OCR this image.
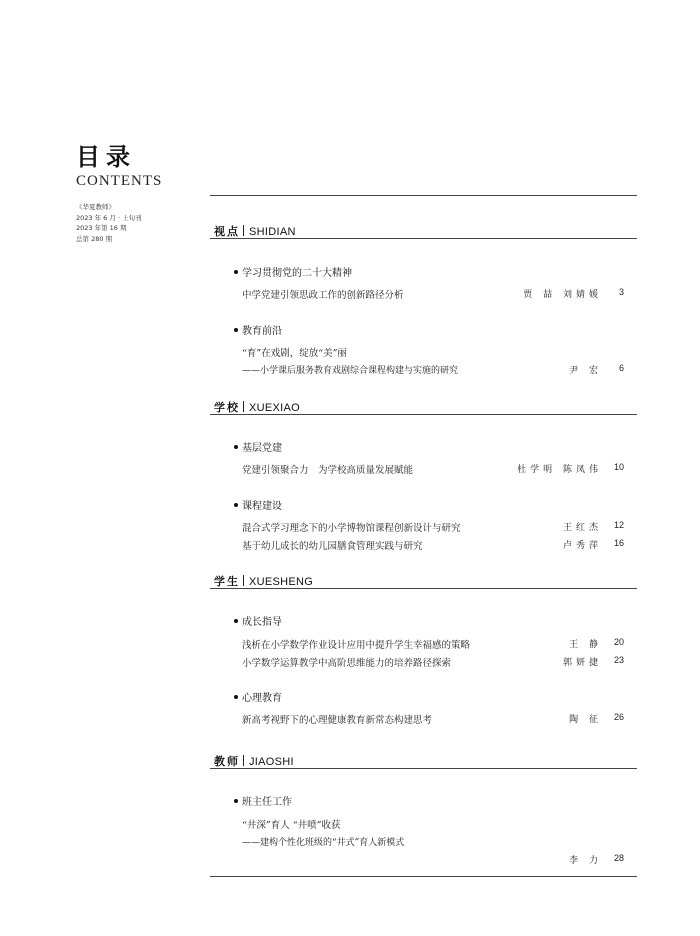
目录
CONTENTS
《华夏教师》
2023 年 6 月 · 上旬刊
2023 年第 16 期
总第 280 期
视点 SHIDIAN
学习贯彻党的二十大精神
中学党建引领思政工作的创新路径分析	贾 喆 刘婧媛 3
教育前沿
“育”在戏剧，绽放“美”丽
——小学课后服务教育戏剧综合课程构建与实施的研究	尹 宏 6
学校 XUEXIAO
基层党建
党建引领聚合力　为学校高质量发展赋能	杜学明 陈凤伟 10
课程建设
混合式学习理念下的小学博物馆课程创新设计与研究	王红杰 12
基于幼儿成长的幼儿园膳食管理实践与研究	卢秀萍 16
学生 XUESHENG
成长指导
浅析在小学数学作业设计应用中提升学生幸福感的策略	王 静 20
小学数学运算教学中高阶思维能力的培养路径探索	郭妍捷 23
心理教育
新高考视野下的心理健康教育新常态构建思考	陶 征 26
教师 JIAOSHI
班主任工作
“井深”育人 “井喷”收获
——建构个性化班级的“井式”育人新模式
李 力 28
